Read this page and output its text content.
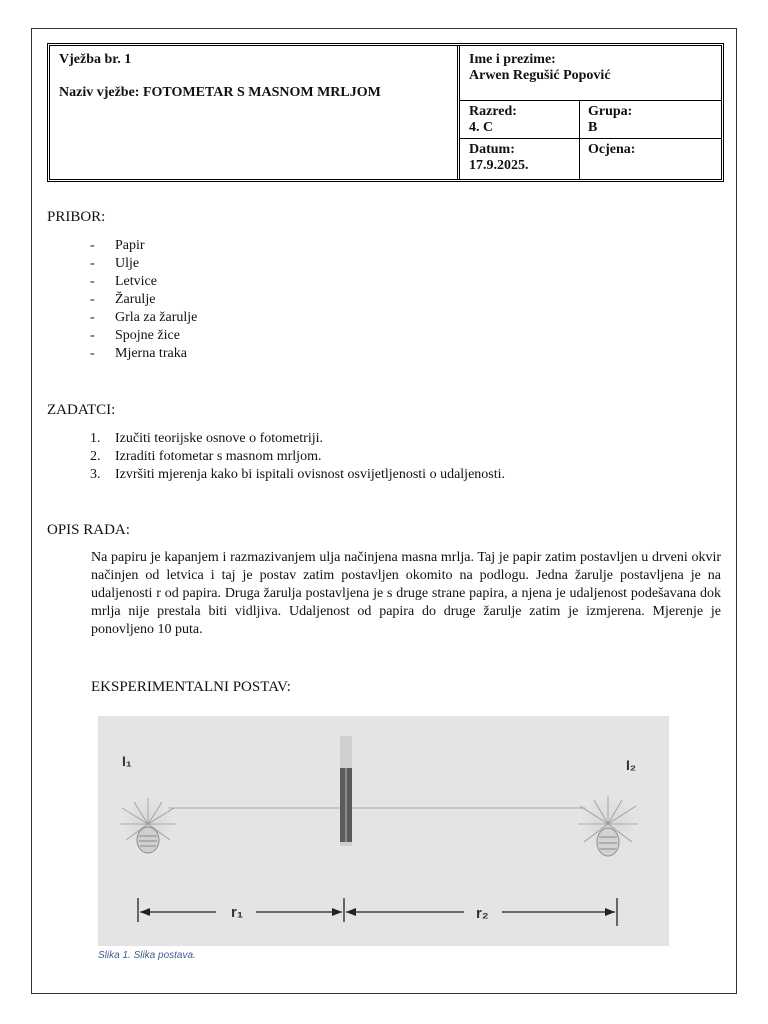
Vježba br. 1
Naziv vježbe: FOTOMETAR S MASNOM MRLJOM
Ime i prezime:
Arwen Regušić Popović
Razred:
4. C
Grupa:
B
Datum:
17.9.2025.
Ocjena:
PRIBOR:
-	Papir
-	Ulje
-	Letvice
-	Žarulje
-	Grla za žarulje
-	Spojne žice
-	Mjerna traka
ZADATCI:
1.	Izučiti teorijske osnove o fotometriji.
2.	Izraditi fotometar s masnom mrljom.
3.	Izvršiti mjerenja kako bi ispitali ovisnost osvijetljenosti o udaljenosti.
OPIS RADA:
Na papiru je kapanjem i razmazivanjem ulja načinjena masna mrlja. Taj je papir zatim postavljen u drveni okvir načinjen od letvica i taj je postav zatim postavljen okomito na podlogu. Jedna žarulje postavljena je na udaljenosti r od papira. Druga žarulja postavljena je s druge strane papira, a njena je udaljenost podešavana dok mrlja nije prestala biti vidljiva. Udaljenost od papira do druge žarulje zatim je izmjerena. Mjerenje je ponovljeno 10 puta.
EKSPERIMENTALNI POSTAV:
I₁	I₂
r₁	r₂
Slika 1. Slika postava.
